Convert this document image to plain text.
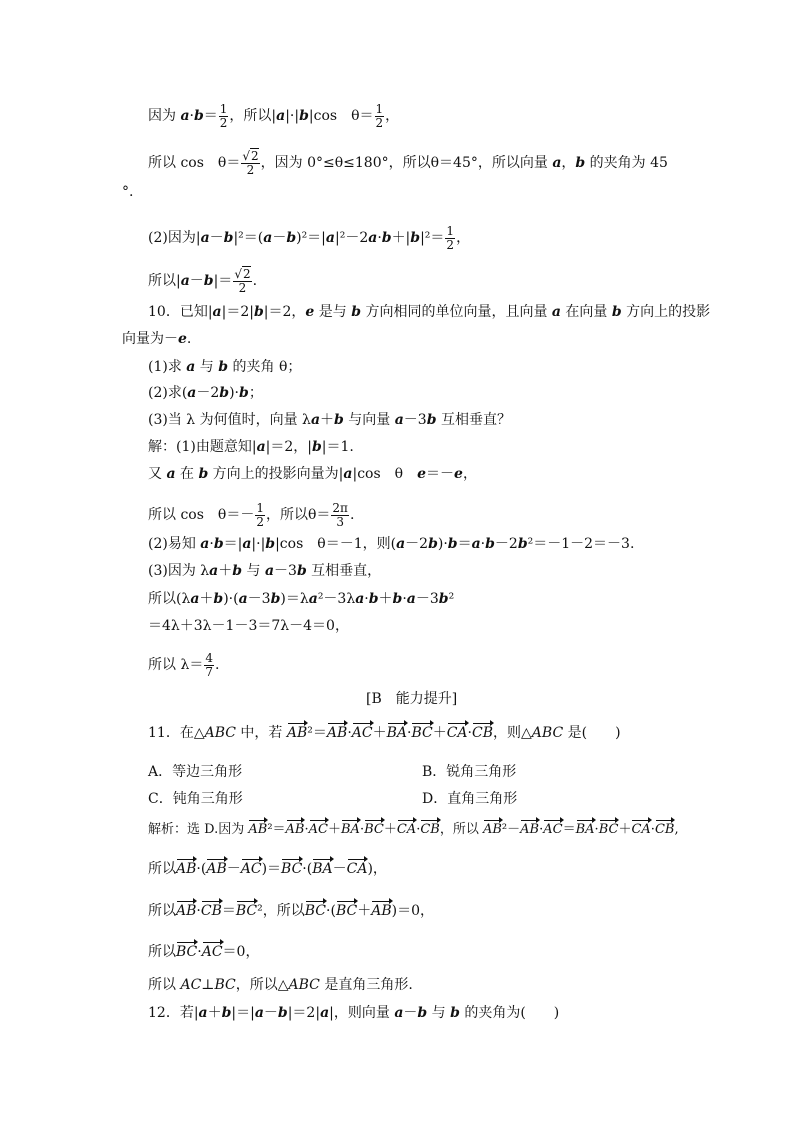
因为 $a\cdot b= \frac{1}{2}$ ，所以|a|·|b|cos　$\theta= \frac{1}{2}$ ，
所以 cos　$\theta= \frac{√2}{2}$ ，因为 0°≤θ≤180°，所以θ＝45°，所以向量 a，b 的夹角为 45
°.
(2)因为$|a-b|^2=(a-b)^2=|a|^2-2a\cdot b+|b|^2= \frac{1}{2}$ ，
所以$|a-b|= \frac{√2}{2}$ .
10．已知|a|＝2|b|＝2，e 是与 b 方向相同的单位向量，且向量 a 在向量 b 方向上的投影
向量为－e.
(1)求 a 与 b 的夹角 θ；
(2)求(a－2b)·b；
(3)当 λ 为何值时，向量 λa＋b 与向量 a－3b 互相垂直？
解：(1)由题意知|a|＝2，|b|＝1.
又 a 在 b 方向上的投影向量为|a|cos　θ　e＝－e，
所以 cos　$\theta=- \frac{1}{2}$ ，所以$\theta= \frac{2\pi}{3}$ .
(2)易知 a·b＝|a|·|b|cos　θ＝－1，则(a－2b)·b＝a·b－2b²＝－1－2＝－3.
(3)因为 λa＋b 与 a－3b 互相垂直，
所以(λa＋b)·(a－3b)＝λa²－3λa·b＋b·a－3b²
＝4λ＋3λ－1－3＝7λ－4＝0，
所以 $\lambda= \frac{4}{7}$ .
[B　能力提升]
11．在△ABC 中，若 AB²＝AB·AC＋BA·BC＋CA·CB，则△ABC 是(　　)
A．等边三角形	B．锐角三角形
C．钝角三角形	D．直角三角形
解析：选 D.因为 AB²＝AB·AC＋BA·BC＋CA·CB，所以 AB²－AB·AC＝BA·BC＋CA·CB,
所以AB·(AB－AC)＝BC·(BA－CA)，
所以AB·CB＝BC²，所以BC·(BC＋AB)＝0，
所以BC·AC＝0，
所以 AC⊥BC，所以△ABC 是直角三角形.
12．若|a＋b|＝|a－b|＝2|a|，则向量 a－b 与 b 的夹角为(　　)
